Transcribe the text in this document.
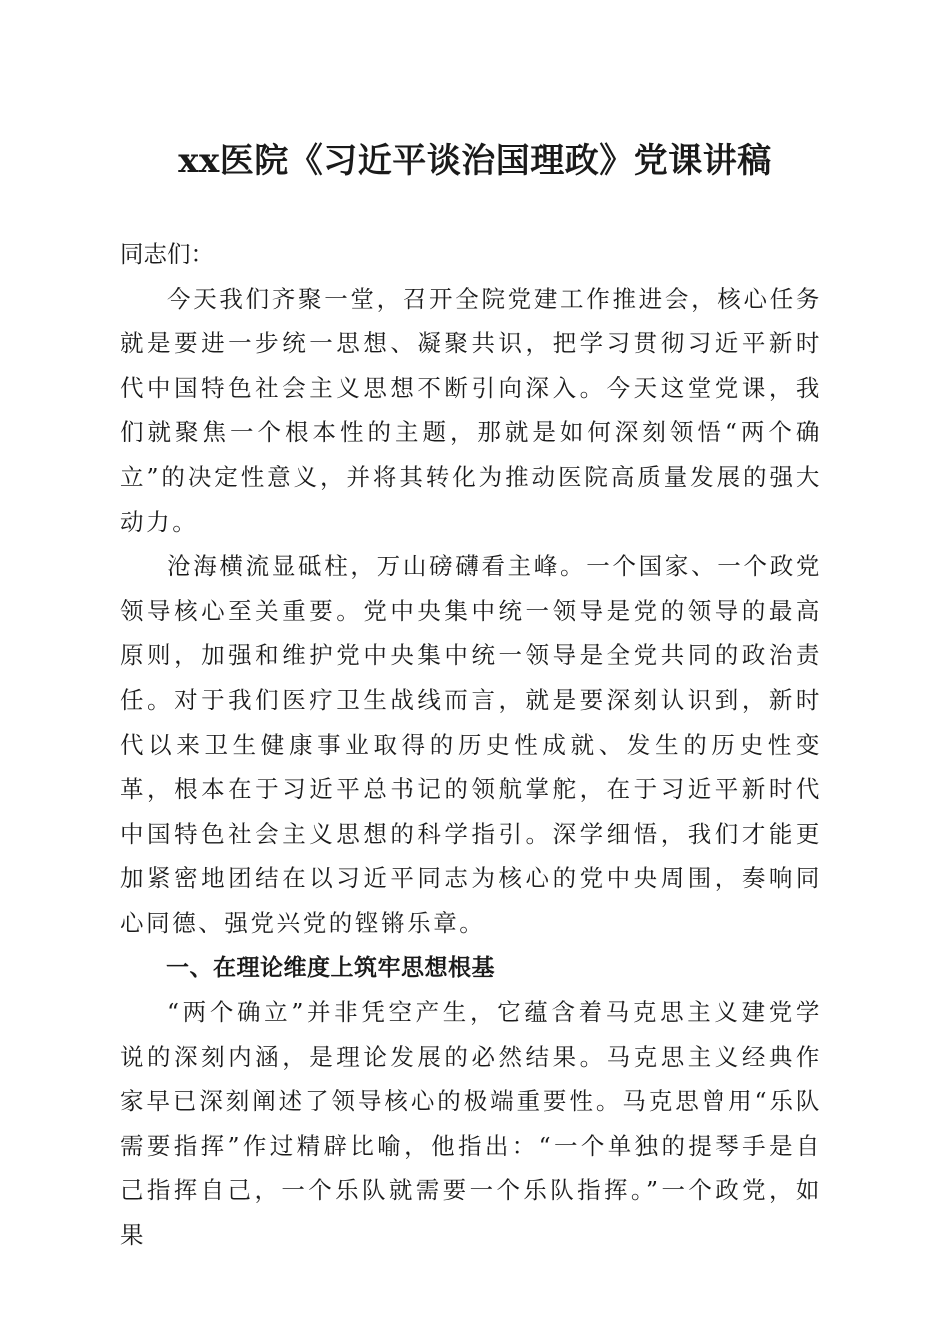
xx医院《习近平谈治国理政》党课讲稿

同志们：

今天我们齐聚一堂，召开全院党建工作推进会，核心任务就是要进一步统一思想、凝聚共识，把学习贯彻习近平新时代中国特色社会主义思想不断引向深入。今天这堂党课，我们就聚焦一个根本性的主题，那就是如何深刻领悟“两个确立”的决定性意义，并将其转化为推动医院高质量发展的强大动力。

沧海横流显砥柱，万山磅礴看主峰。一个国家、一个政党领导核心至关重要。党中央集中统一领导是党的领导的最高原则，加强和维护党中央集中统一领导是全党共同的政治责任。对于我们医疗卫生战线而言，就是要深刻认识到，新时代以来卫生健康事业取得的历史性成就、发生的历史性变革，根本在于习近平总书记的领航掌舵，在于习近平新时代中国特色社会主义思想的科学指引。深学细悟，我们才能更加紧密地团结在以习近平同志为核心的党中央周围，奏响同心同德、强党兴党的铿锵乐章。

一、在理论维度上筑牢思想根基

“两个确立”并非凭空产生，它蕴含着马克思主义建党学说的深刻内涵，是理论发展的必然结果。马克思主义经典作家早已深刻阐述了领导核心的极端重要性。马克思曾用“乐队需要指挥”作过精辟比喻，他指出：“一个单独的提琴手是自己指挥自己，一个乐队就需要一个乐队指挥。”一个政党，如果
